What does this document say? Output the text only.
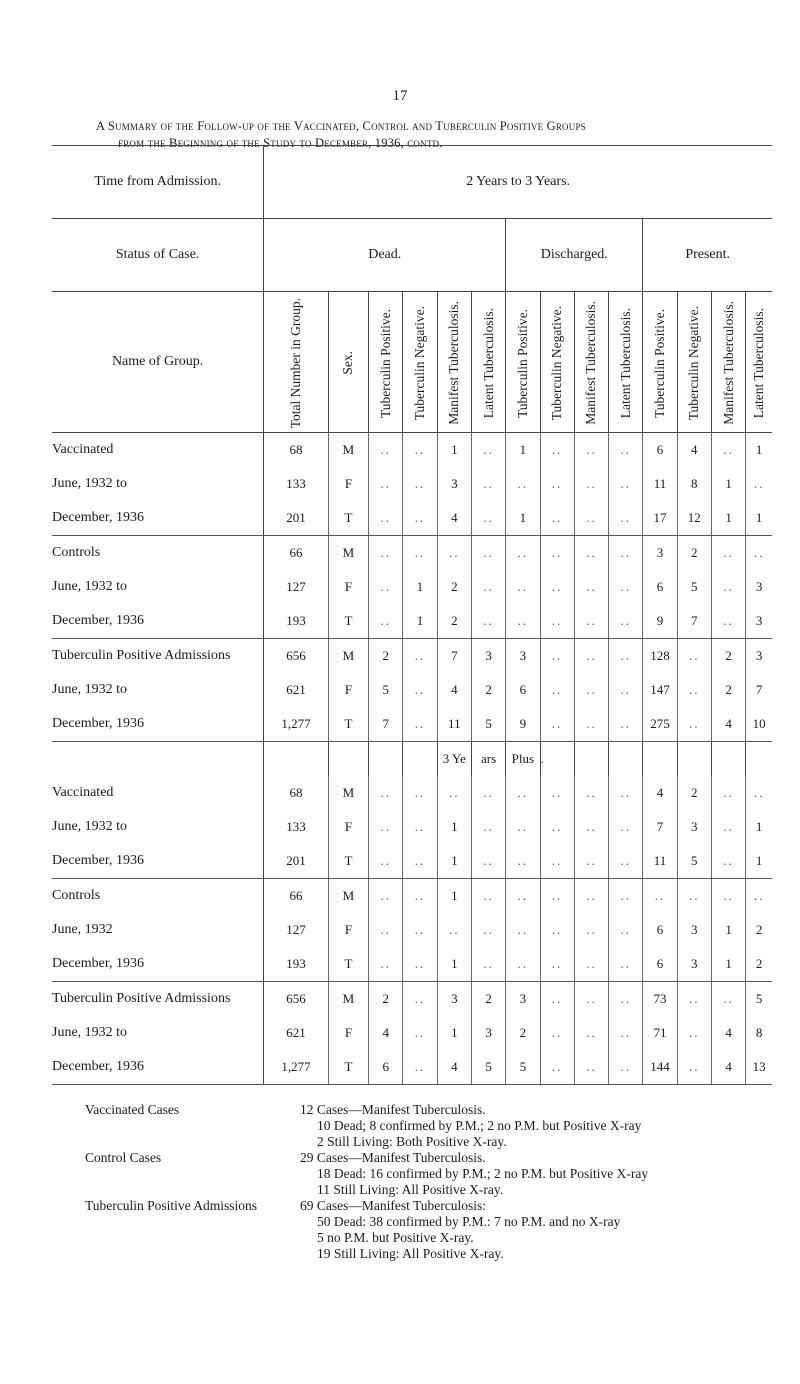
17
A Summary of the Follow-up of the Vaccinated, Control and Tuberculin Positive Groups
from the Beginning of the Study to December, 1936, contd.
Time from Admission.	2 Years to 3 Years.													
Status of Case.	Dead.						Discharged.				Present.			
Name of Group.	Total Number in Group.	Sex.	Tuberculin Positive.	Tuberculin Negative.	Manifest Tuberculosis.	Latent Tuberculosis.	Tuberculin Positive.	Tuberculin Negative.	Manifest Tuberculosis.	Latent Tuberculosis.	Tuberculin Positive.	Tuberculin Negative.	Manifest Tuberculosis.	Latent Tuberculosis.
Vaccinated	68	M	..	..	1	..	1	..	..	..	6	4	..	1
June, 1932 to	133	F	..	..	3	..	..	..	..	..	11	8	1	..
December, 1936	201	T	..	..	4	..	1	..	..	..	17	12	1	1
Controls	66	M	..	..	..	..	..	..	..	..	3	2	..	..
June, 1932 to	127	F	..	1	2	..	..	..	..	..	6	5	..	3
December, 1936	193	T	..	1	2	..	..	..	..	..	9	7	..	3
Tuberculin Positive Admissions	656	M	2	..	7	3	3	..	..	..	128	..	2	3
June, 1932 to	621	F	5	..	4	2	6	..	..	..	147	..	2	7
December, 1936	1,277	T	7	..	11	5	9	..	..	..	275	..	4	10
					3 Ye	ars	Plus	.						
Vaccinated	68	M	..	..	..	..	..	..	..	..	4	2	..	..
June, 1932 to	133	F	..	..	1	..	..	..	..	..	7	3	..	1
December, 1936	201	T	..	..	1	..	..	..	..	..	11	5	..	1
Controls	66	M	..	..	1	..	..	..	..	..	..	..	..	..
June, 1932	127	F	..	..	..	..	..	..	..	..	6	3	1	2
December, 1936	193	T	..	..	1	..	..	..	..	..	6	3	1	2
Tuberculin Positive Admissions	656	M	2	..	3	2	3	..	..	..	73	..	..	5
June, 1932 to	621	F	4	..	1	3	2	..	..	..	71	..	4	8
December, 1936	1,277	T	6	..	4	5	5	..	..	..	144	..	4	13
Vaccinated Cases	12 Cases—Manifest Tuberculosis.
10 Dead; 8 confirmed by P.M.; 2 no P.M. but Positive X-ray
2 Still Living: Both Positive X-ray.
Control Cases	29 Cases—Manifest Tuberculosis.
18 Dead: 16 confirmed by P.M.; 2 no P.M. but Positive X-ray
11 Still Living: All Positive X-ray.
Tuberculin Positive Admissions	69 Cases—Manifest Tuberculosis:
50 Dead: 38 confirmed by P.M.: 7 no P.M. and no X-ray
5 no P.M. but Positive X-ray.
19 Still Living: All Positive X-ray.
